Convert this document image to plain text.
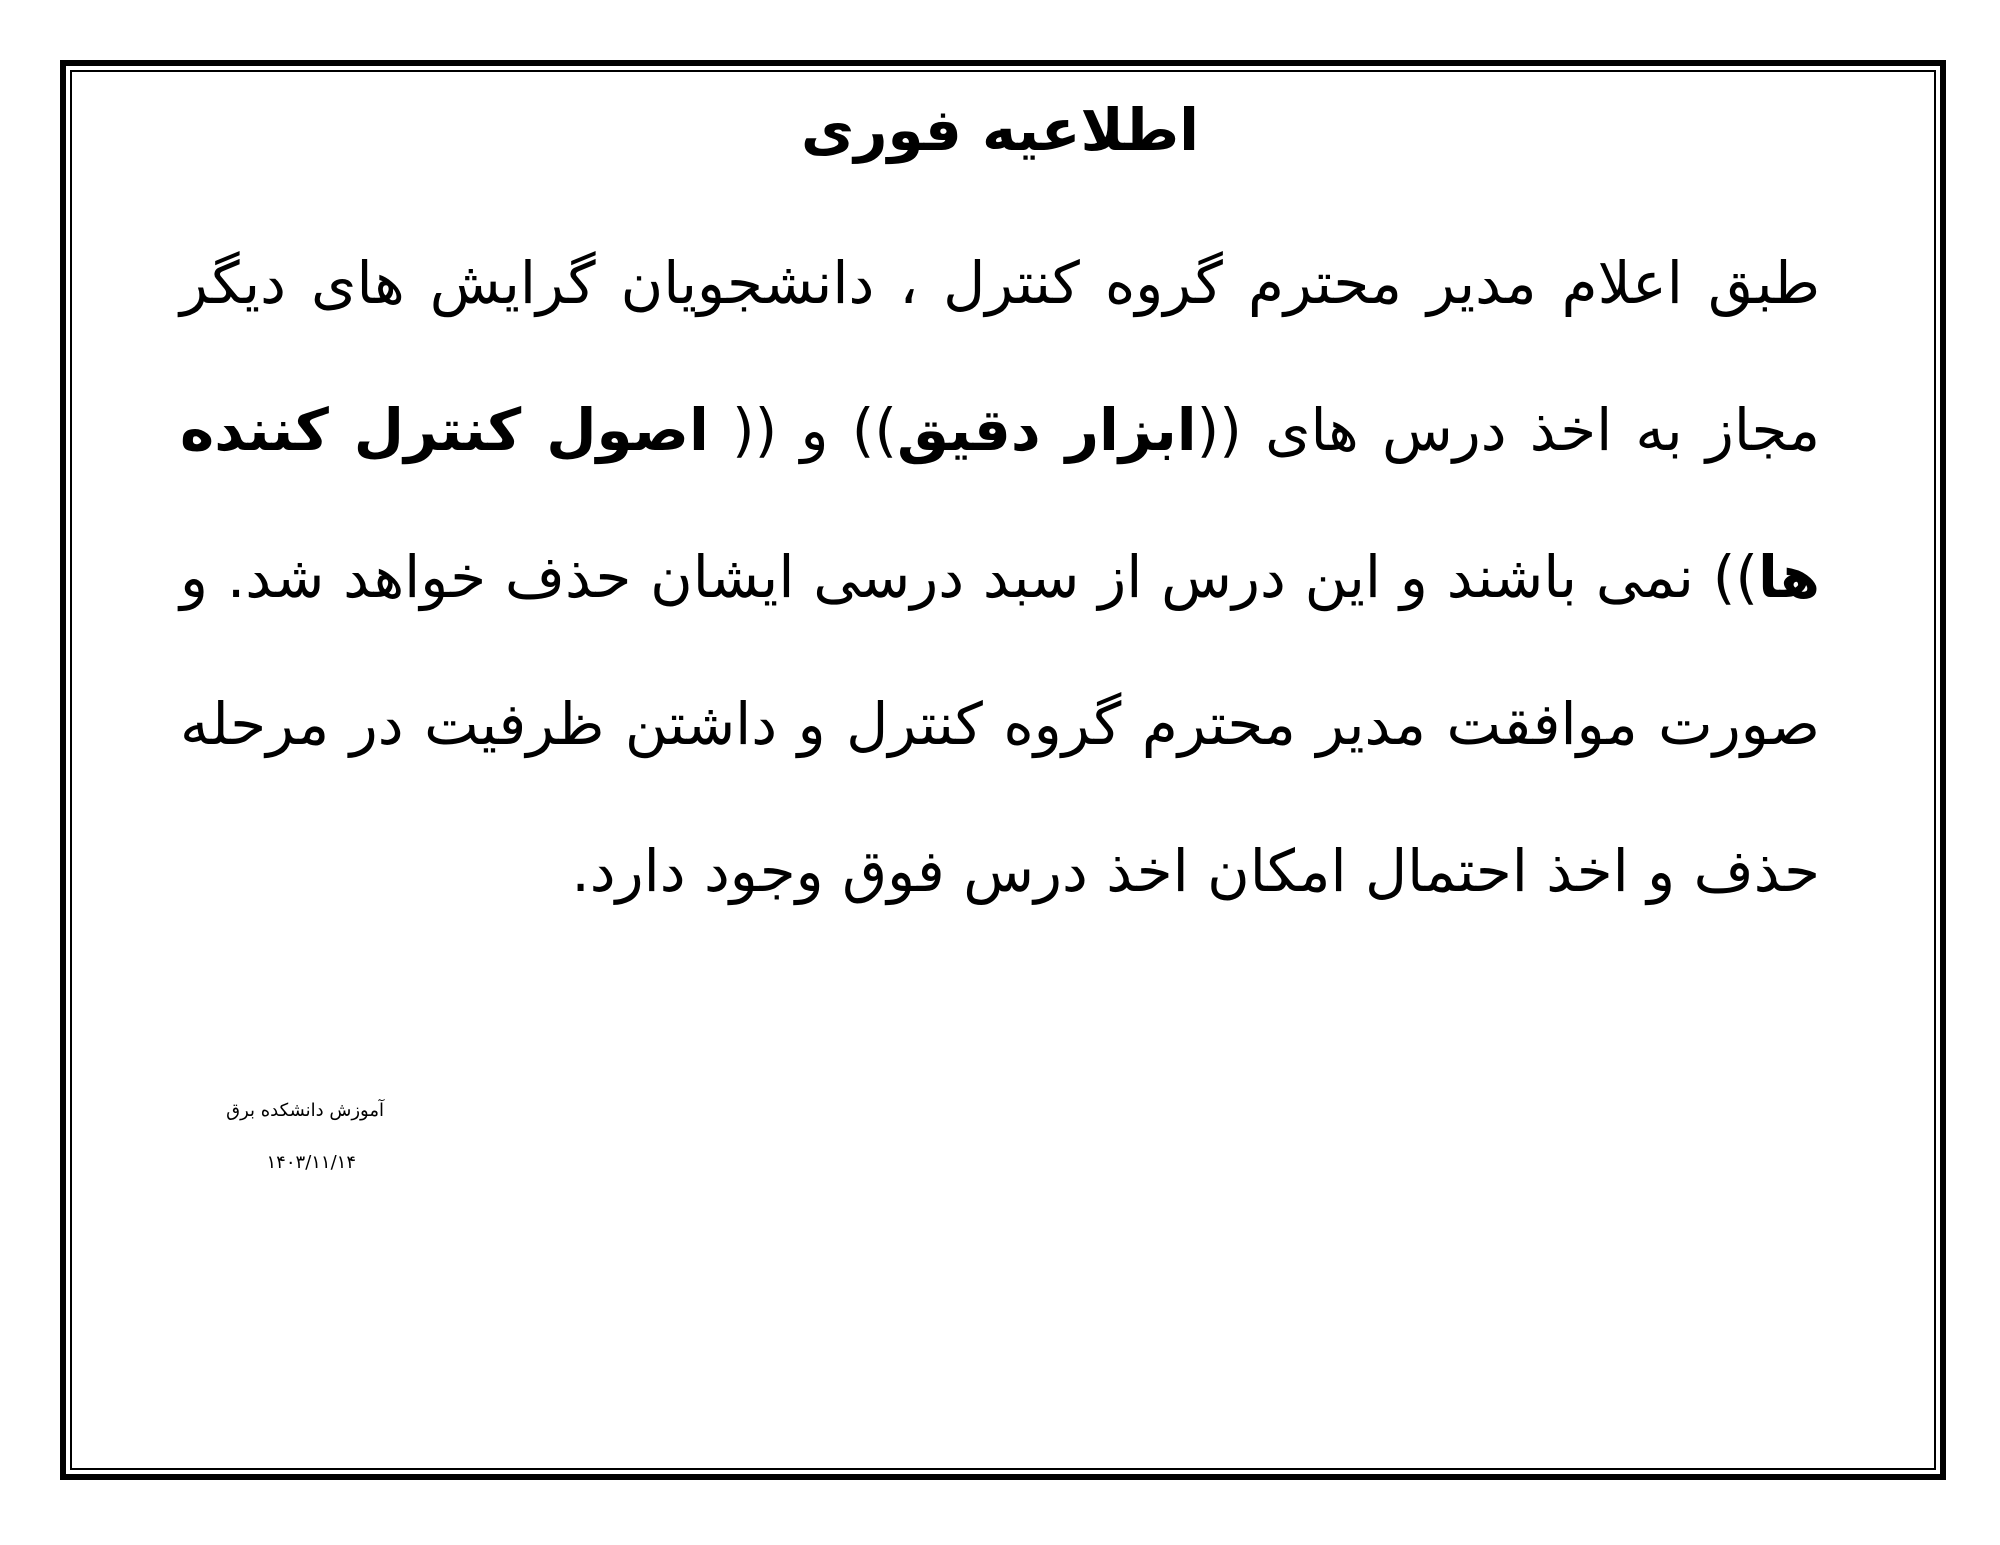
اطلاعیه فوری

طبق اعلام مدیر محترم گروه کنترل ، دانشجویان گرایش های دیگر مجاز به اخذ درس های ((ابزار دقیق)) و (( اصول کنترل کننده ها)) نمی باشند و این درس از سبد درسی ایشان حذف خواهد شد. و صورت موافقت مدیر محترم گروه کنترل و داشتن ظرفیت در مرحله حذف و اخذ احتمال امکان اخذ درس فوق وجود دارد.

آموزش دانشکده برق
۱۴۰۳/۱۱/۱۴
